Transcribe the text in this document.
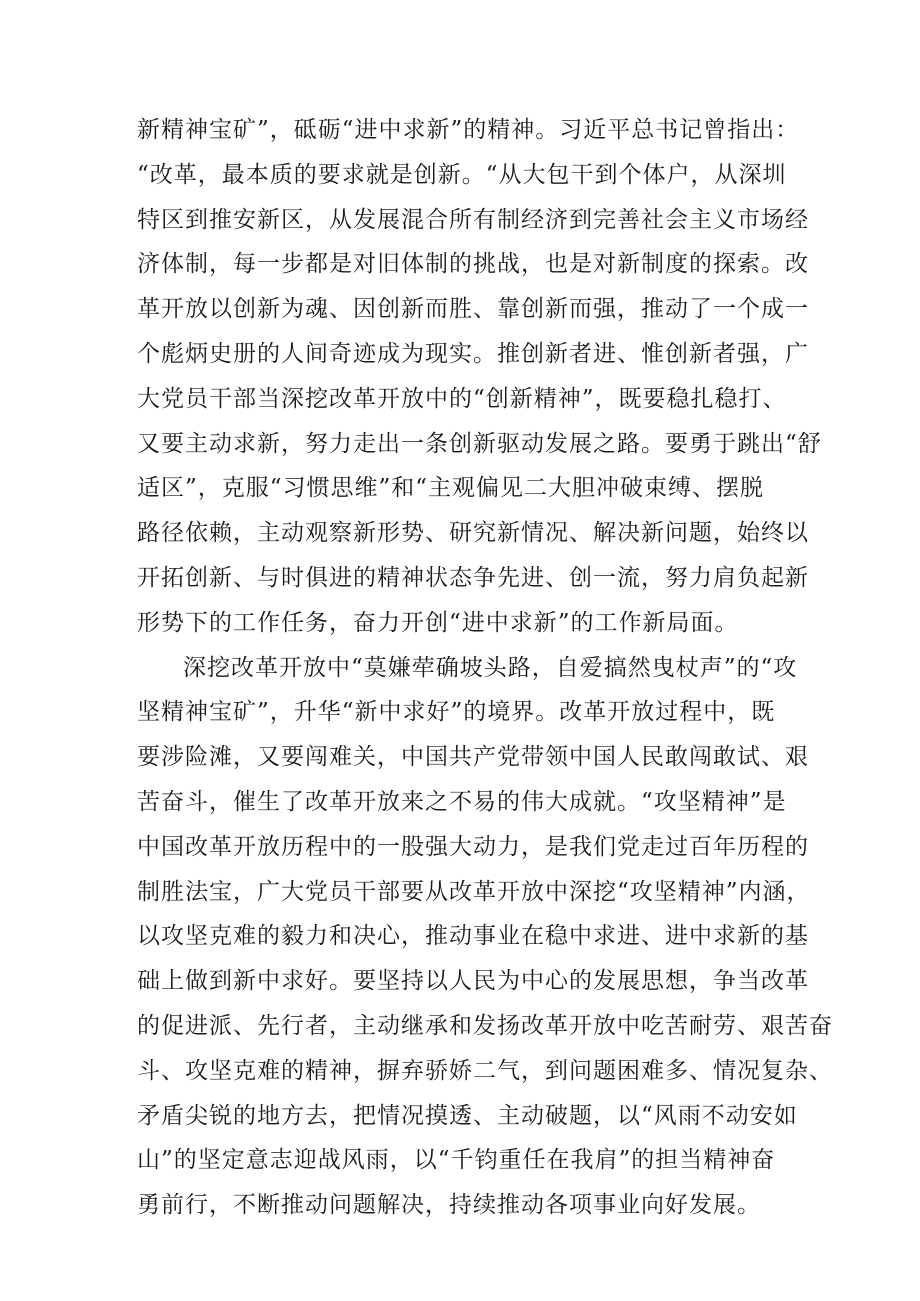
新精神宝矿”，砥砺“进中求新”的精神。习近平总书记曾指出：
“改革，最本质的要求就是创新。“从大包干到个体户，从深圳
特区到推安新区，从发展混合所有制经济到完善社会主义市场经
济体制，每一步都是对旧体制的挑战，也是对新制度的探索。改
革开放以创新为魂、因创新而胜、靠创新而强，推动了一个成一
个彪炳史册的人间奇迹成为现实。推创新者进、惟创新者强，广
大党员干部当深挖改革开放中的“创新精神”，既要稳扎稳打、
又要主动求新，努力走出一条创新驱动发展之路。要勇于跳出“舒
适区”，克服“习惯思维”和“主观偏见二大胆冲破束缚、摆脱
路径依赖，主动观察新形势、研究新情况、解决新问题，始终以
开拓创新、与时俱进的精神状态争先进、创一流，努力肩负起新
形势下的工作任务，奋力开创“进中求新”的工作新局面。
深挖改革开放中“莫嫌荦确坡头路，自爱搞然曳杖声”的“攻
坚精神宝矿”，升华“新中求好”的境界。改革开放过程中，既
要涉险滩，又要闯难关，中国共产党带领中国人民敢闯敢试、艰
苦奋斗，催生了改革开放来之不易的伟大成就。“攻坚精神”是
中国改革开放历程中的一股强大动力，是我们党走过百年历程的
制胜法宝，广大党员干部要从改革开放中深挖“攻坚精神”内涵，
以攻坚克难的毅力和决心，推动事业在稳中求进、进中求新的基
础上做到新中求好。要坚持以人民为中心的发展思想，争当改革
的促进派、先行者，主动继承和发扬改革开放中吃苦耐劳、艰苦奋
斗、攻坚克难的精神，摒弃骄娇二气，到问题困难多、情况复杂、
矛盾尖锐的地方去，把情况摸透、主动破题，以“风雨不动安如
山”的坚定意志迎战风雨，以“千钧重任在我肩”的担当精神奋
勇前行，不断推动问题解决，持续推动各项事业向好发展。
